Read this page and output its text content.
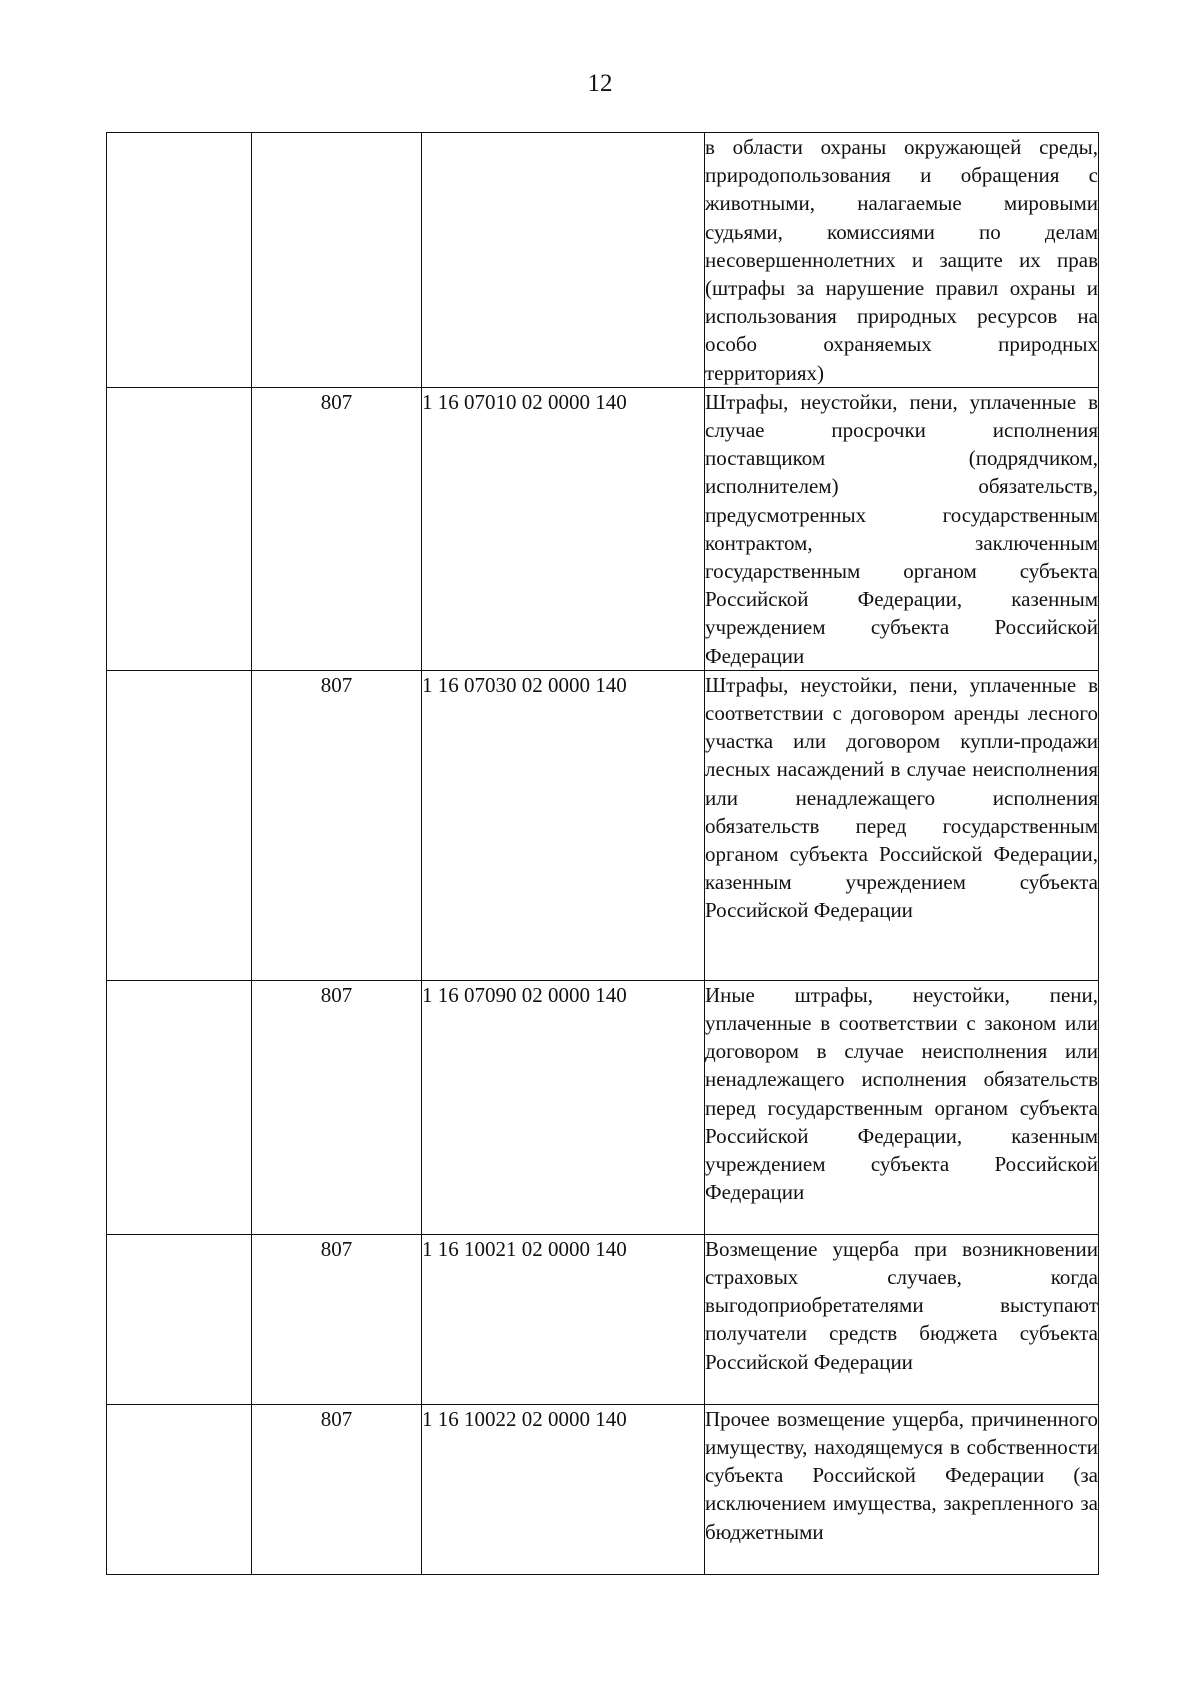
12
			в области охраны окружающей среды, природопользования и обращения с животными, налагаемые мировыми судьями, комиссиями по делам несовершеннолетних и защите их прав (штрафы за нарушение правил охраны и использования природных ресурсов на особо охраняемых природных территориях)
	807	1 16 07010 02 0000 140	Штрафы, неустойки, пени, уплаченные в случае просрочки исполнения поставщиком (подрядчиком, исполнителем) обязательств, предусмотренных государственным контрактом, заключенным государственным органом субъекта Российской Федерации, казенным учреждением субъекта Российской Федерации
	807	1 16 07030 02 0000 140	Штрафы, неустойки, пени, уплаченные в соответствии с договором аренды лесного участка или договором купли-продажи лесных насаждений в случае неисполнения или ненадлежащего исполнения обязательств перед государственным органом субъекта Российской Федерации, казенным учреждением субъекта Российской Федерации
	807	1 16 07090 02 0000 140	Иные штрафы, неустойки, пени, уплаченные в соответствии с законом или договором в случае неисполнения или ненадлежащего исполнения обязательств перед государственным органом субъекта Российской Федерации, казенным учреждением субъекта Российской Федерации
	807	1 16 10021 02 0000 140	Возмещение ущерба при возникновении страховых случаев, когда выгодоприобретателями выступают получатели средств бюджета субъекта Российской Федерации
	807	1 16 10022 02 0000 140	Прочее возмещение ущерба, причиненного имуществу, находящемуся в собственности субъекта Российской Федерации (за исключением имущества, закрепленного за бюджетными
